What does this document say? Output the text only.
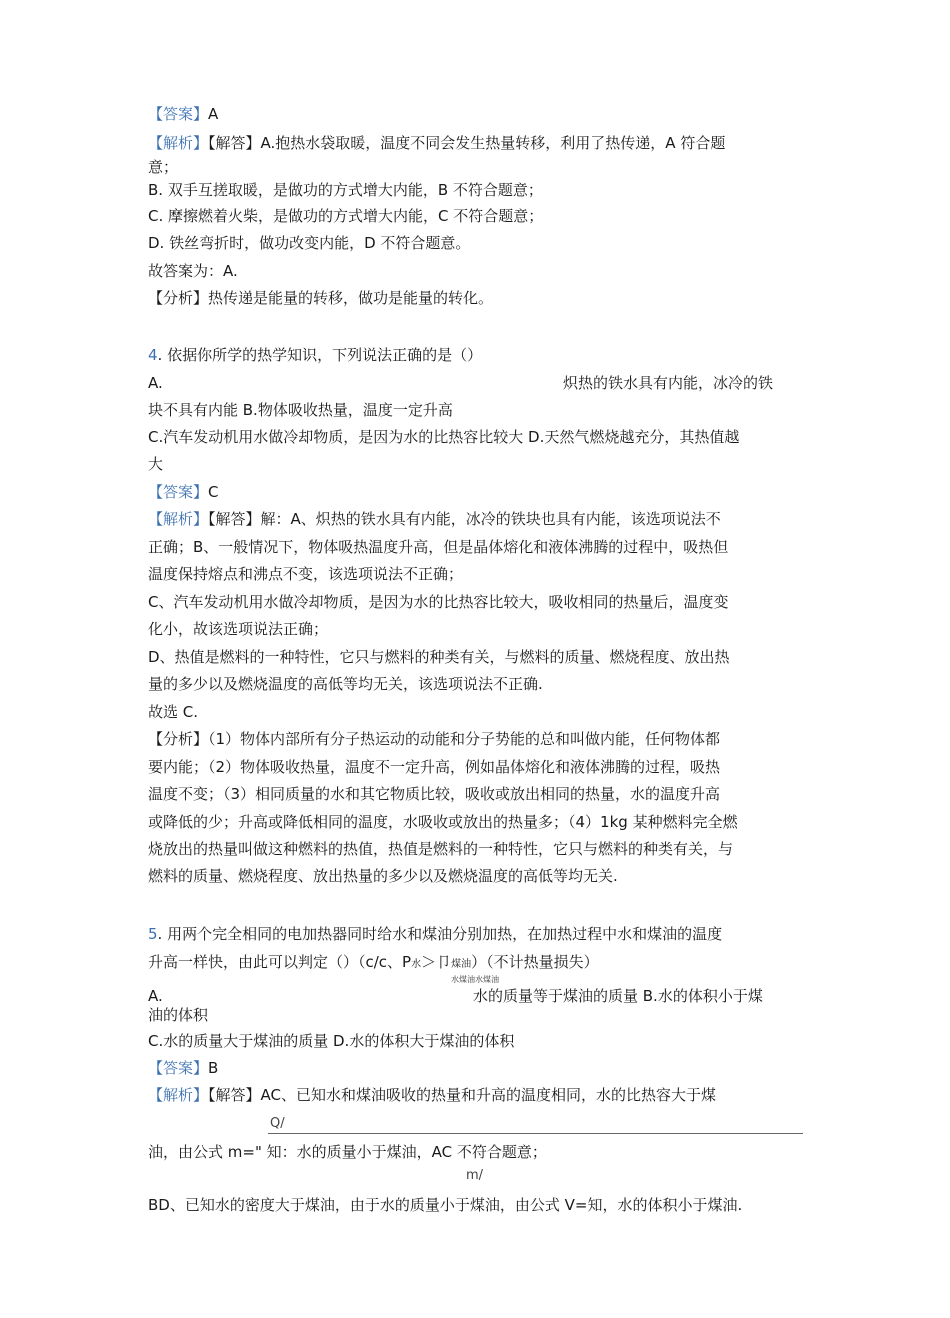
【答案】A
【解析】【解答】A.抱热水袋取暖，温度不同会发生热量转移，利用了热传递，A 符合题
意；
B. 双手互搓取暖，是做功的方式增大内能，B 不符合题意；
C. 摩擦燃着火柴，是做功的方式增大内能，C 不符合题意；
D. 铁丝弯折时，做功改变内能，D 不符合题意。
故答案为：A.
【分析】热传递是能量的转移，做功是能量的转化。
4. 依据你所学的热学知识，下列说法正确的是（）
A.	炽热的铁水具有内能，冰冷的铁
块不具有内能 B.物体吸收热量，温度一定升高
C.汽车发动机用水做冷却物质，是因为水的比热容比较大 D.天然气燃烧越充分，其热值越
大
【答案】C
【解析】【解答】解：A、炽热的铁水具有内能，冰冷的铁块也具有内能，该选项说法不
正确；B、一般情况下，物体吸热温度升高，但是晶体熔化和液体沸腾的过程中，吸热但
温度保持熔点和沸点不变，该选项说法不正确；
C、汽车发动机用水做冷却物质，是因为水的比热容比较大，吸收相同的热量后，温度变
化小，故该选项说法正确；
D、热值是燃料的一种特性，它只与燃料的种类有关，与燃料的质量、燃烧程度、放出热
量的多少以及燃烧温度的高低等均无关，该选项说法不正确.
故选 C.
【分析】（1）物体内部所有分子热运动的动能和分子势能的总和叫做内能，任何物体都
要内能；（2）物体吸收热量，温度不一定升高，例如晶体熔化和液体沸腾的过程，吸热
温度不变；（3）相同质量的水和其它物质比较，吸收或放出相同的热量，水的温度升高
或降低的少；升高或降低相同的温度，水吸收或放出的热量多；（4）1kg 某种燃料完全燃
烧放出的热量叫做这种燃料的热值，热值是燃料的一种特性，它只与燃料的种类有关，与
燃料的质量、燃烧程度、放出热量的多少以及燃烧温度的高低等均无关.
5. 用两个完全相同的电加热器同时给水和煤油分别加热，在加热过程中水和煤油的温度
升高一样快，由此可以判定（）（c/c、P水＞卩煤油）（不计热量损失）
水煤油水煤油
A.	水的质量等于煤油的质量 B.水的体积小于煤
油的体积
C.水的质量大于煤油的质量 D.水的体积大于煤油的体积
【答案】B
【解析】【解答】AC、已知水和煤油吸收的热量和升高的温度相同，水的比热容大于煤
Q/
油，由公式 m=" 知：水的质量小于煤油，AC 不符合题意；
m/
BD、已知水的密度大于煤油，由于水的质量小于煤油，由公式 V=知，水的体积小于煤油.
